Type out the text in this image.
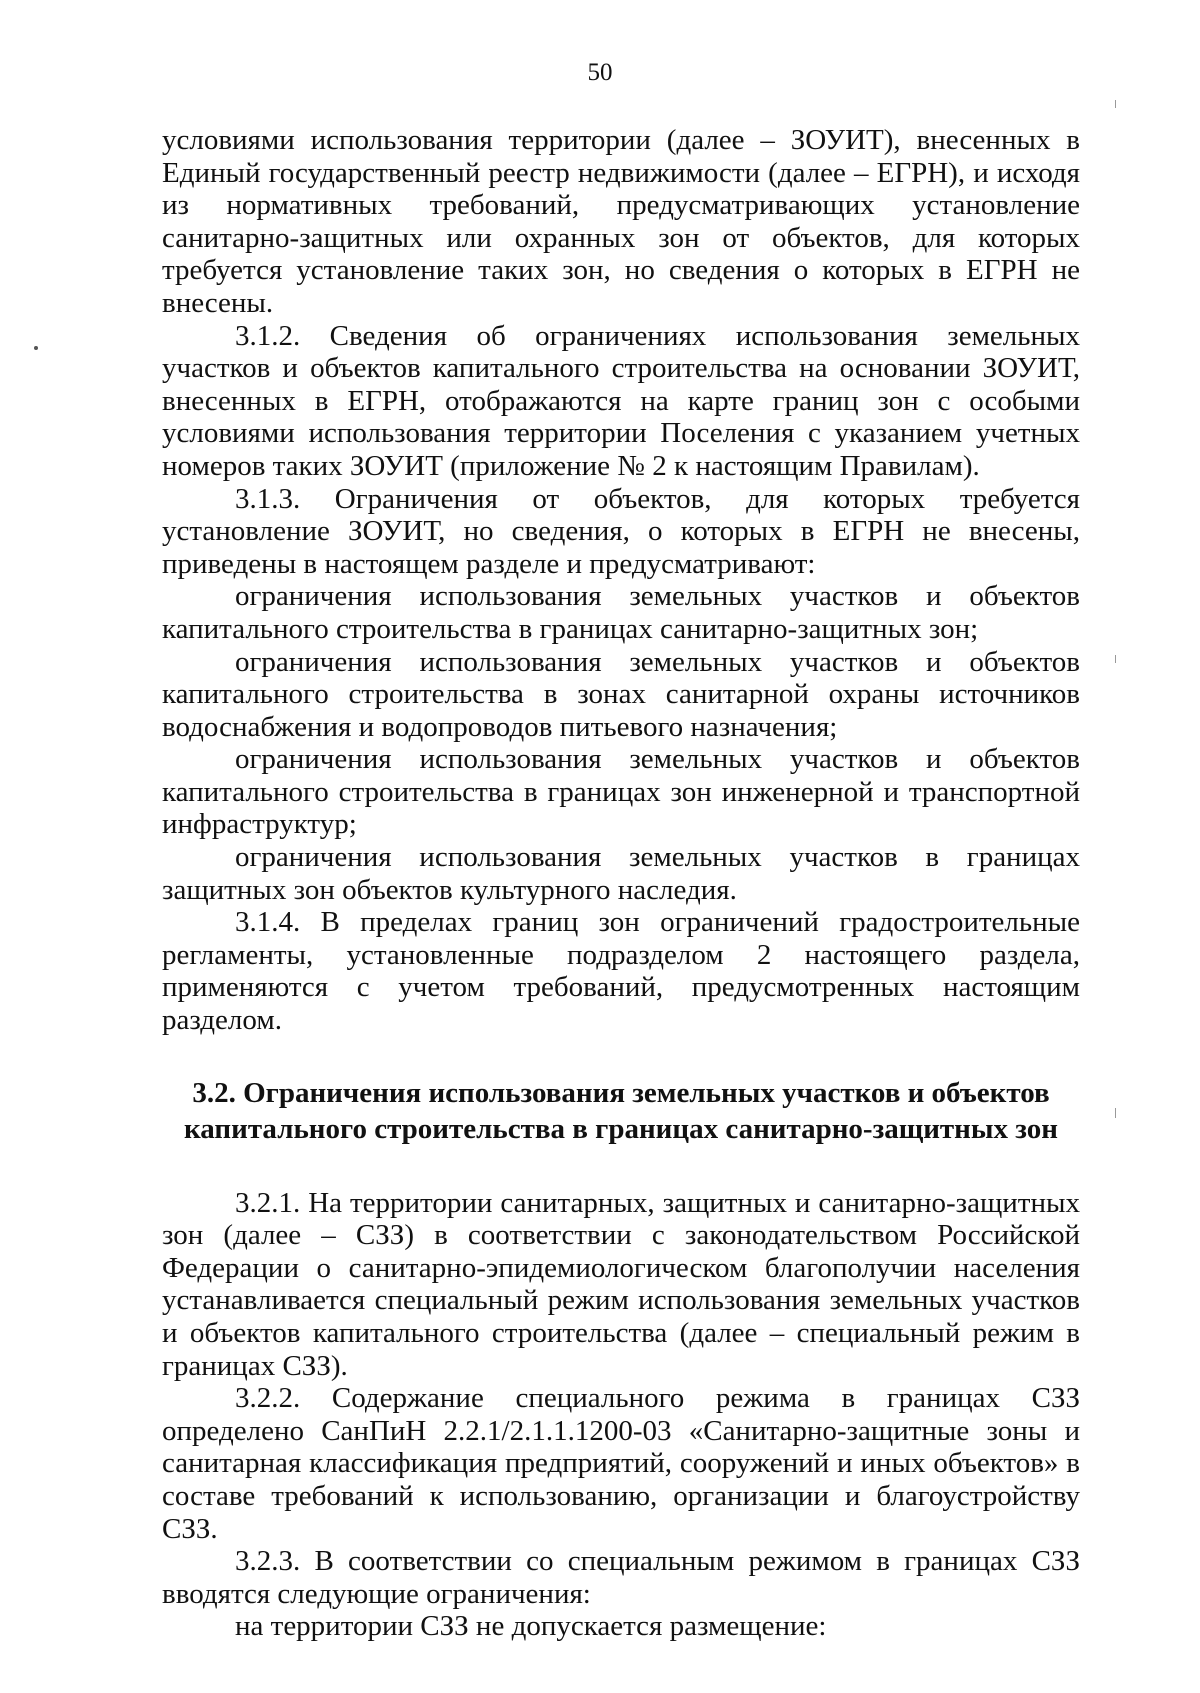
50

условиями использования территории (далее – ЗОУИТ), внесенных в Единый государственный реестр недвижимости (далее – ЕГРН), и исходя из нормативных требований, предусматривающих установление санитарно-защитных или охранных зон от объектов, для которых требуется установление таких зон, но сведения о которых в ЕГРН не внесены.

3.1.2. Сведения об ограничениях использования земельных участков и объектов капитального строительства на основании ЗОУИТ, внесенных в ЕГРН, отображаются на карте границ зон с особыми условиями использования территории Поселения с указанием учетных номеров таких ЗОУИТ (приложение № 2 к настоящим Правилам).

3.1.3. Ограничения от объектов, для которых требуется установление ЗОУИТ, но сведения, о которых в ЕГРН не внесены, приведены в настоящем разделе и предусматривают:

ограничения использования земельных участков и объектов капитального строительства в границах санитарно-защитных зон;

ограничения использования земельных участков и объектов капитального строительства в зонах санитарной охраны источников водоснабжения и водопроводов питьевого назначения;

ограничения использования земельных участков и объектов капитального строительства в границах зон инженерной и транспортной инфраструктур;

ограничения использования земельных участков в границах защитных зон объектов культурного наследия.

3.1.4. В пределах границ зон ограничений градостроительные регламенты, установленные подразделом 2 настоящего раздела, применяются с учетом требований, предусмотренных настоящим разделом.

3.2. Ограничения использования земельных участков и объектов
капитального строительства в границах санитарно-защитных зон

3.2.1. На территории санитарных, защитных и санитарно-защитных зон (далее – СЗЗ) в соответствии с законодательством Российской Федерации о санитарно-эпидемиологическом благополучии населения устанавливается специальный режим использования земельных участков и объектов капитального строительства (далее – специальный режим в границах СЗЗ).

3.2.2. Содержание специального режима в границах СЗЗ определено СанПиН 2.2.1/2.1.1.1200-03 «Санитарно-защитные зоны и санитарная классификация предприятий, сооружений и иных объектов» в составе требований к использованию, организации и благоустройству СЗЗ.

3.2.3. В соответствии со специальным режимом в границах СЗЗ вводятся следующие ограничения:

на территории СЗЗ не допускается размещение:
